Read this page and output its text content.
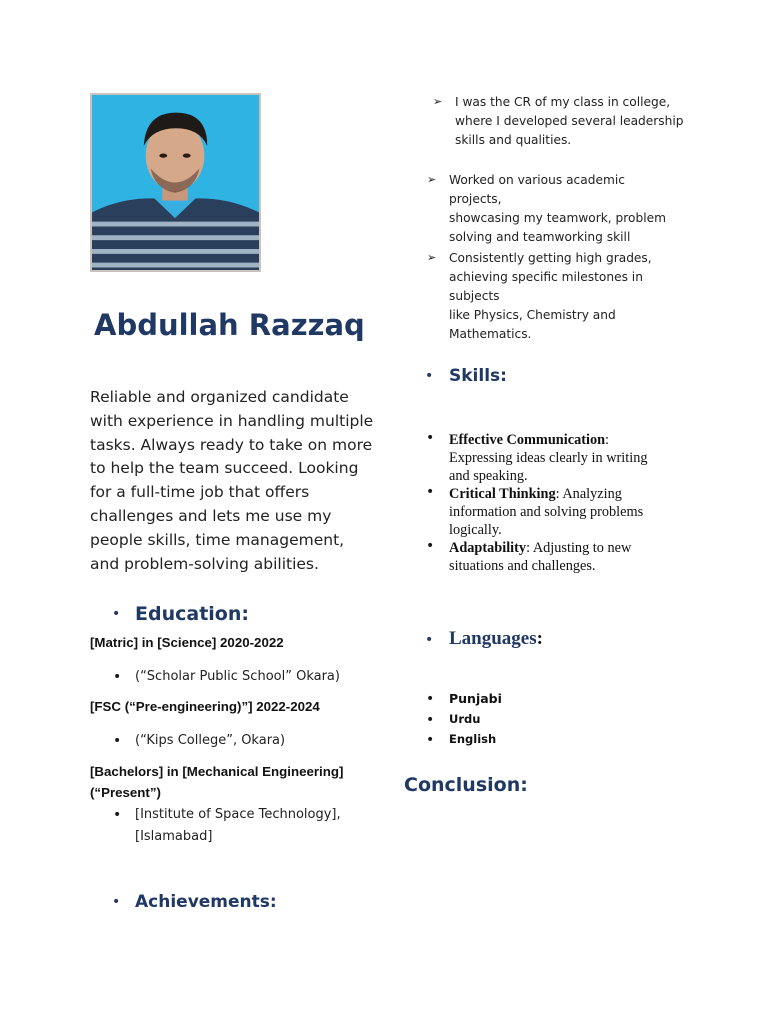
Abdullah Razzaq
Reliable and organized candidate with experience in handling multiple tasks. Always ready to take on more to help the team succeed. Looking for a full-time job that offers challenges and lets me use my people skills, time management, and problem-solving abilities.
• Education:
[Matric] in [Science] 2020-2022
• (“Scholar Public School” Okara)
[FSC (“Pre-engineering)”] 2022-2024
• (“Kips College”, Okara)
[Bachelors] in [Mechanical Engineering]
(“Present”)
• [Institute of Space Technology],
[Islamabad]
• Achievements:
➢ I was the CR of my class in college,
where I developed several leadership
skills and qualities.
➢ Worked on various academic projects,
showcasing my teamwork, problem
solving and teamworking skill
➢ Consistently getting high grades,
achieving specific milestones in subjects
like Physics, Chemistry and
Mathematics.
• Skills:
• Effective Communication:
Expressing ideas clearly in writing
and speaking.
• Critical Thinking: Analyzing
information and solving problems
logically.
• Adaptability: Adjusting to new
situations and challenges.
• Languages:
• Punjabi
• Urdu
• English
Conclusion:
